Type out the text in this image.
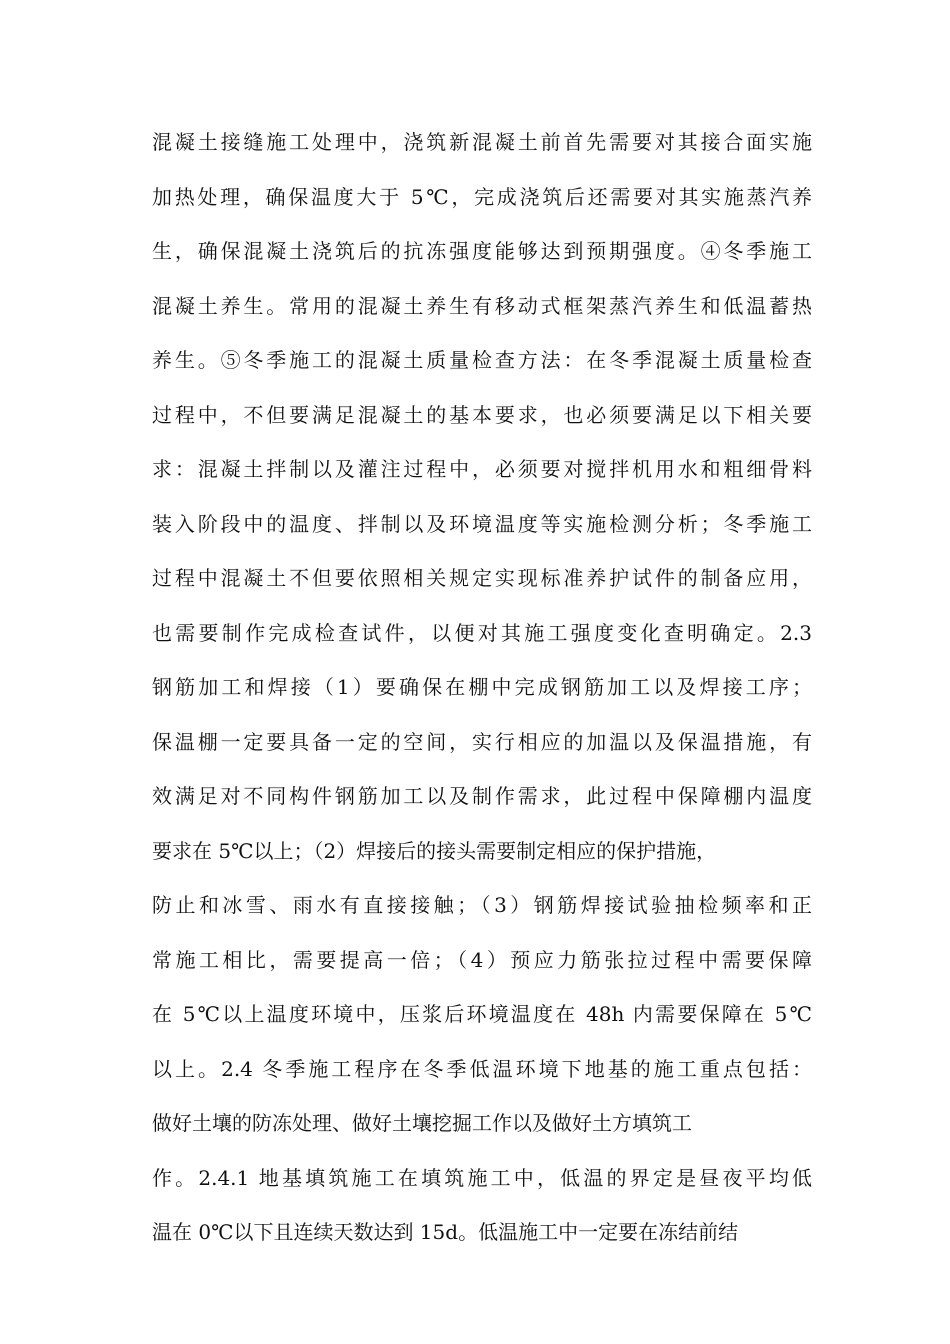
混凝土接缝施工处理中，浇筑新混凝土前首先需要对其接合面实施
加热处理，确保温度大于 5℃，完成浇筑后还需要对其实施蒸汽养
生，确保混凝土浇筑后的抗冻强度能够达到预期强度。④冬季施工
混凝土养生。常用的混凝土养生有移动式框架蒸汽养生和低温蓄热
养生。⑤冬季施工的混凝土质量检查方法：在冬季混凝土质量检查
过程中，不但要满足混凝土的基本要求，也必须要满足以下相关要
求：混凝土拌制以及灌注过程中，必须要对搅拌机用水和粗细骨料
装入阶段中的温度、拌制以及环境温度等实施检测分析；冬季施工
过程中混凝土不但要依照相关规定实现标准养护试件的制备应用，
也需要制作完成检查试件，以便对其施工强度变化查明确定。2.3
钢筋加工和焊接（1）要确保在棚中完成钢筋加工以及焊接工序；
保温棚一定要具备一定的空间，实行相应的加温以及保温措施，有
效满足对不同构件钢筋加工以及制作需求，此过程中保障棚内温度
要求在 5℃以上；（2）焊接后的接头需要制定相应的保护措施，
防止和冰雪、雨水有直接接触；（3）钢筋焊接试验抽检频率和正
常施工相比，需要提高一倍；（4）预应力筋张拉过程中需要保障
在 5℃以上温度环境中，压浆后环境温度在 48h 内需要保障在 5℃
以上。2.4 冬季施工程序在冬季低温环境下地基的施工重点包括：
做好土壤的防冻处理、做好土壤挖掘工作以及做好土方填筑工
作。2.4.1 地基填筑施工在填筑施工中，低温的界定是昼夜平均低
温在 0℃以下且连续天数达到 15d。低温施工中一定要在冻结前结
